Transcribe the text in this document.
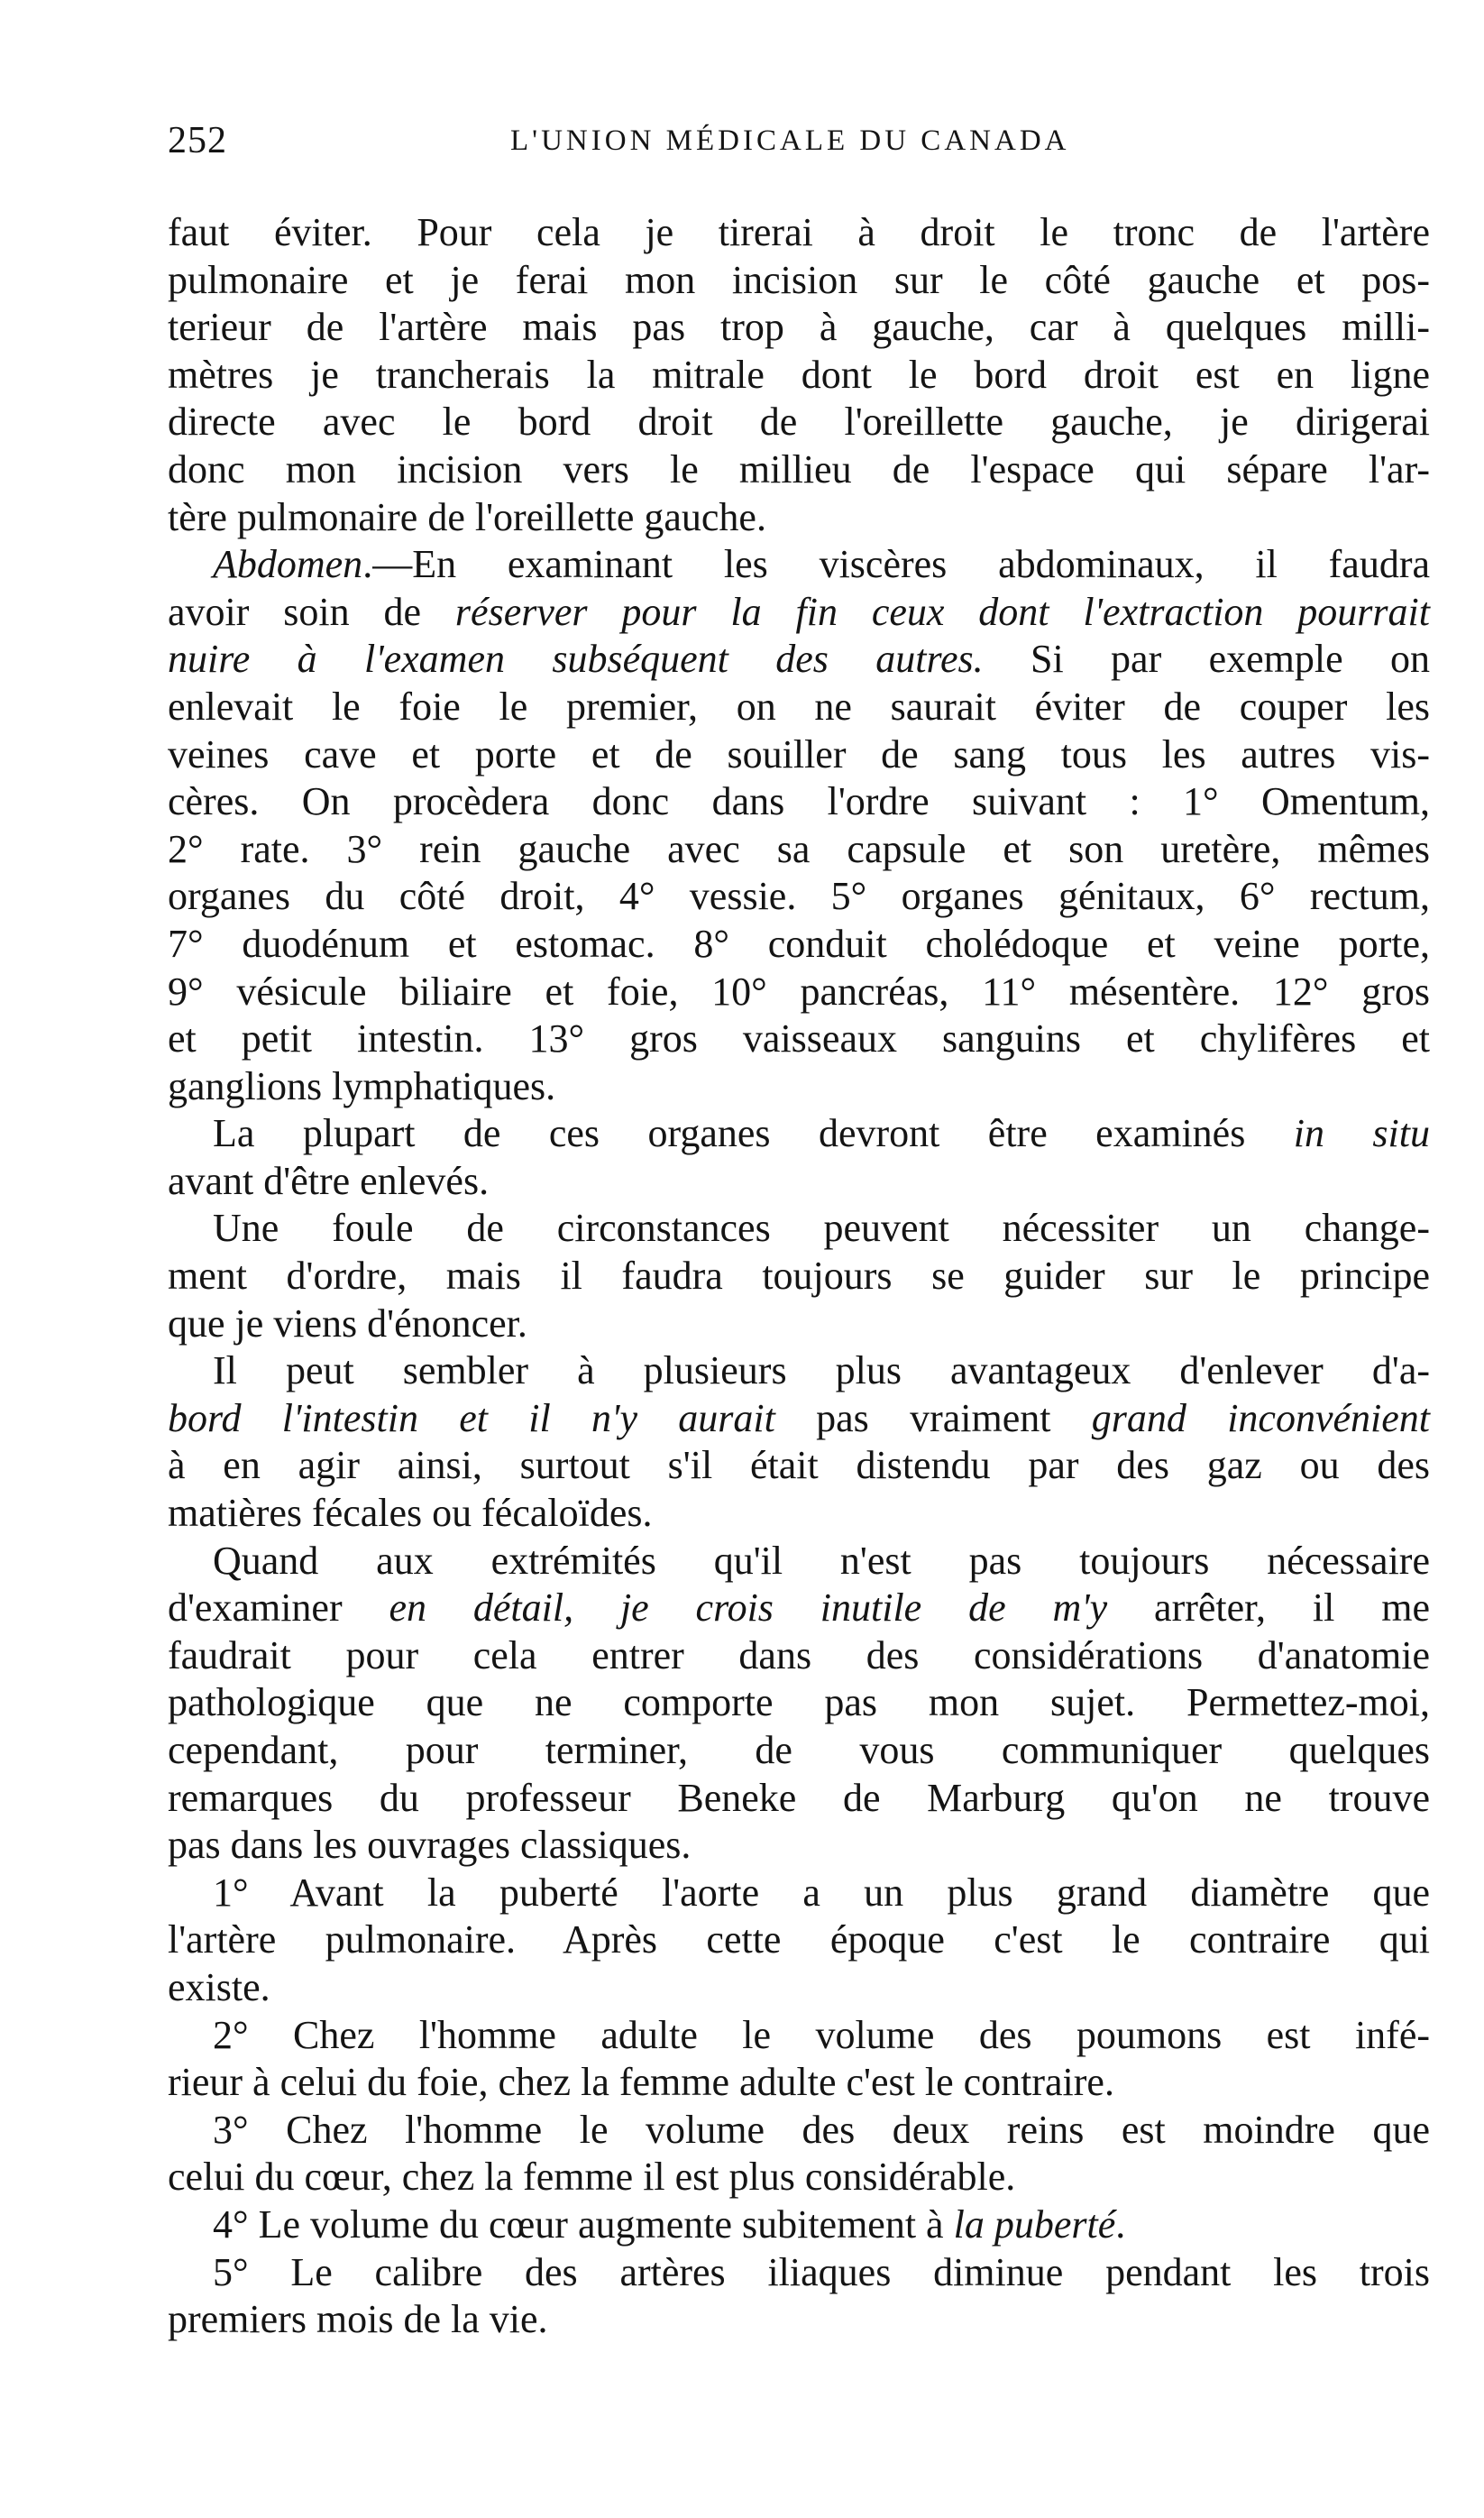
252	L'UNION MÉDICALE DU CANADA
faut éviter. Pour cela je tirerai à droit le tronc de l'artère
pulmonaire et je ferai mon incision sur le côté gauche et pos-
terieur de l'artère mais pas trop à gauche, car à quelques milli-
mètres je trancherais la mitrale dont le bord droit est en ligne
directe avec le bord droit de l'oreillette gauche, je dirigerai
donc mon incision vers le millieu de l'espace qui sépare l'ar-
tère pulmonaire de l'oreillette gauche.
Abdomen.—En examinant les viscères abdominaux, il faudra
avoir soin de réserver pour la fin ceux dont l'extraction pourrait
nuire à l'examen subséquent des autres. Si par exemple on
enlevait le foie le premier, on ne saurait éviter de couper les
veines cave et porte et de souiller de sang tous les autres vis-
cères. On procèdera donc dans l'ordre suivant : 1° Omentum,
2° rate. 3° rein gauche avec sa capsule et son uretère, mêmes
organes du côté droit, 4° vessie. 5° organes génitaux, 6° rectum,
7° duodénum et estomac. 8° conduit cholédoque et veine porte,
9° vésicule biliaire et foie, 10° pancréas, 11° mésentère. 12° gros
et petit intestin. 13° gros vaisseaux sanguins et chylifères et
ganglions lymphatiques.
La plupart de ces organes devront être examinés in situ
avant d'être enlevés.
Une foule de circonstances peuvent nécessiter un change-
ment d'ordre, mais il faudra toujours se guider sur le principe
que je viens d'énoncer.
Il peut sembler à plusieurs plus avantageux d'enlever d'a-
bord l'intestin et il n'y aurait pas vraiment grand inconvénient
à en agir ainsi, surtout s'il était distendu par des gaz ou des
matières fécales ou fécaloïdes.
Quand aux extrémités qu'il n'est pas toujours nécessaire
d'examiner en détail, je crois inutile de m'y arrêter, il me
faudrait pour cela entrer dans des considérations d'anatomie
pathologique que ne comporte pas mon sujet. Permettez-moi,
cependant, pour terminer, de vous communiquer quelques
remarques du professeur Beneke de Marburg qu'on ne trouve
pas dans les ouvrages classiques.
1° Avant la puberté l'aorte a un plus grand diamètre que
l'artère pulmonaire. Après cette époque c'est le contraire qui
existe.
2° Chez l'homme adulte le volume des poumons est infé-
rieur à celui du foie, chez la femme adulte c'est le contraire.
3° Chez l'homme le volume des deux reins est moindre que
celui du cœur, chez la femme il est plus considérable.
4° Le volume du cœur augmente subitement à la puberté.
5° Le calibre des artères iliaques diminue pendant les trois
premiers mois de la vie.
